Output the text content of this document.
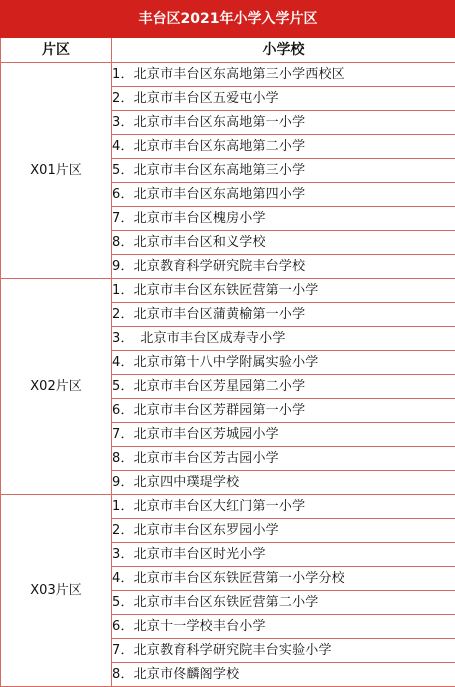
丰台区2021年小学入学片区	
片区	小学校
X01片区	1．北京市丰台区东高地第三小学西校区
	2．北京市丰台区五爱屯小学
	3．北京市丰台区东高地第一小学
	4．北京市丰台区东高地第二小学
	5．北京市丰台区东高地第三小学
	6．北京市丰台区东高地第四小学
	7．北京市丰台区槐房小学
	8．北京市丰台区和义学校
	9．北京教育科学研究院丰台学校
X02片区	1．北京市丰台区东铁匠营第一小学
	2．北京市丰台区蒲黄榆第一小学
	3．　北京市丰台区成寿寺小学
	4．北京市第十八中学附属实验小学
	5．北京市丰台区芳星园第二小学
	6．北京市丰台区芳群园第一小学
	7．北京市丰台区芳城园小学
	8．北京市丰台区芳古园小学
	9．北京四中璞瑅学校
X03片区	1．北京市丰台区大红门第一小学
	2．北京市丰台区东罗园小学
	3．北京市丰台区时光小学
	4．北京市丰台区东铁匠营第一小学分校
	5．北京市丰台区东铁匠营第二小学
	6．北京十一学校丰台小学
	7．北京教育科学研究院丰台实验小学
	8．北京市佟麟阁学校
